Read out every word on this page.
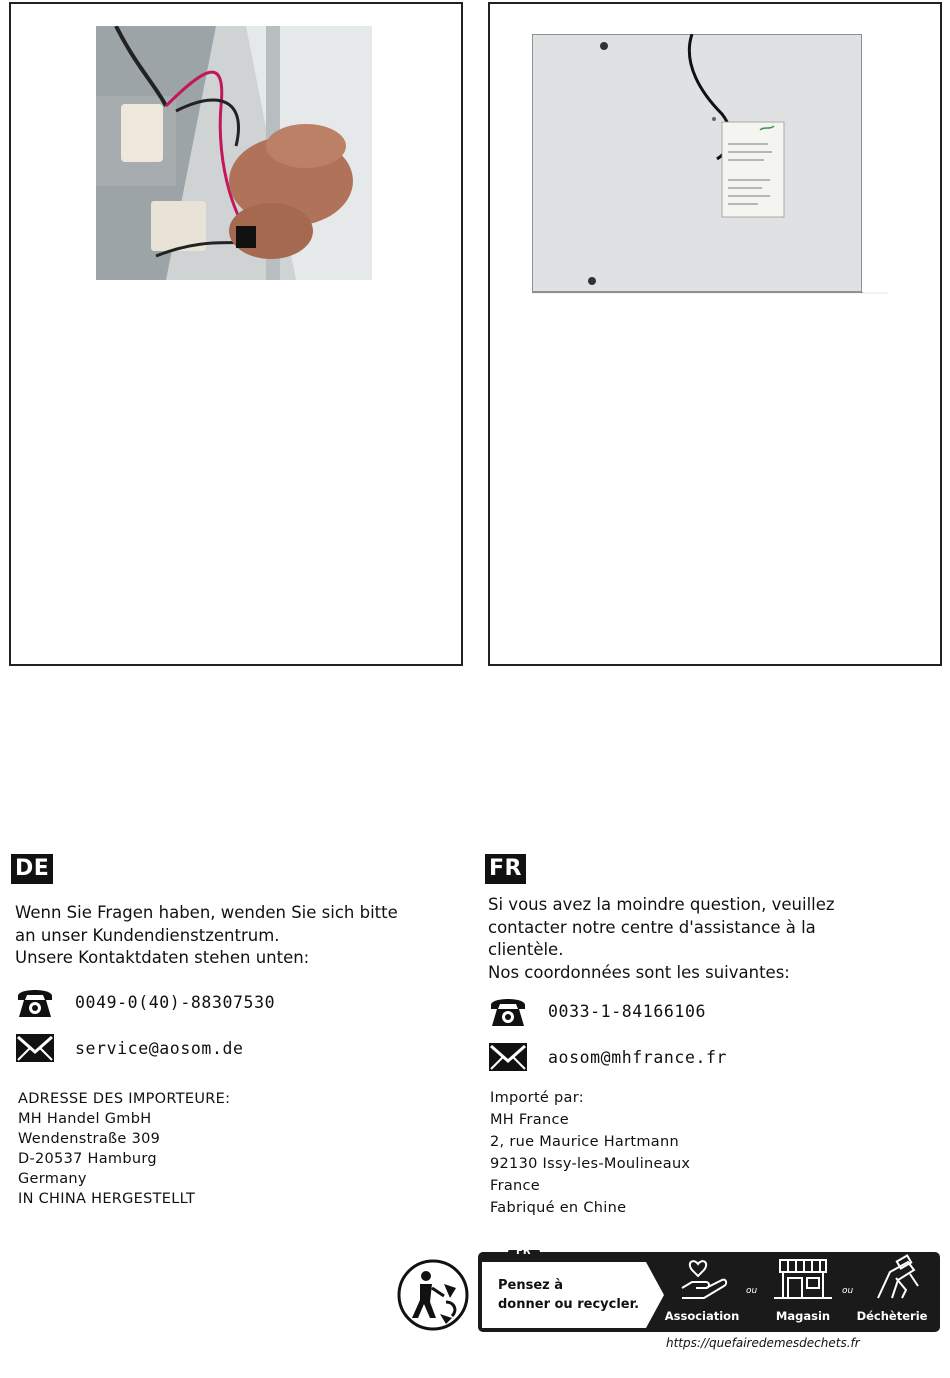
DE
Wenn Sie Fragen haben, wenden Sie sich bitte
an unser Kundendienstzentrum.
Unsere Kontaktdaten stehen unten:
0049-0(40)-88307530
service@aosom.de
ADRESSE DES IMPORTEURE:
MH Handel GmbH
Wendenstraße 309
D-20537 Hamburg
Germany
IN CHINA HERGESTELLT
FR
Si vous avez la moindre question, veuillez
contacter notre centre d'assistance à la
clientèle.
Nos coordonnées sont les suivantes:
0033-1-84166106
aosom@mhfrance.fr
Importé par:
MH France
2, rue Maurice Hartmann
92130 Issy-les-Moulineaux
France
Fabriqué en Chine
FR
Pensez à
donner ou recycler.
Association
ou
Magasin
ou
Déchèterie
https://quefairedemesdechets.fr
